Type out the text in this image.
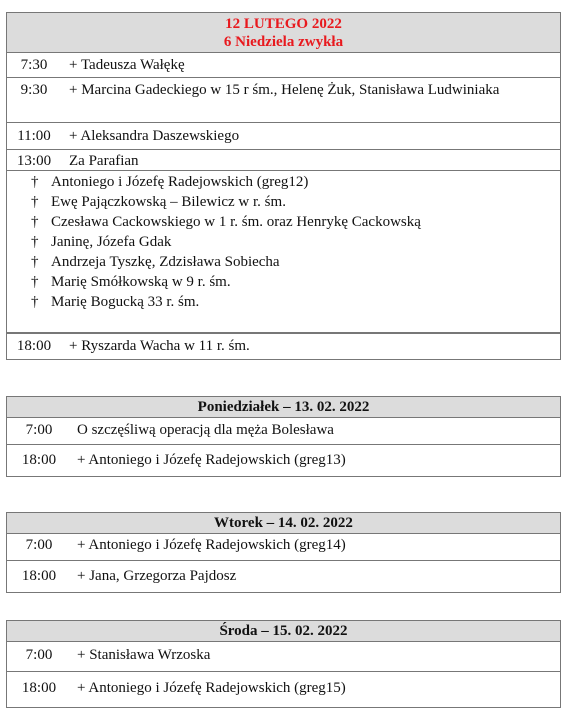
12 LUTEGO 2022
6 Niedziela zwykła
7:30	+ Tadeusza Wałękę
9:30	+ Marcina Gadeckiego w 15 r śm., Helenę Żuk, Stanisława Ludwiniaka
11:00	+ Aleksandra Daszewskiego
13:00	Za Parafian
† Antoniego i Józefę Radejowskich (greg12)
† Ewę Pajączkowską – Bilewicz w r. śm.
† Czesława Cackowskiego w 1 r. śm. oraz Henrykę Cackowską
† Janinę, Józefa Gdak
† Andrzeja Tyszkę, Zdzisława Sobiecha
† Marię Smółkowską w 9 r. śm.
† Marię Bogucką 33 r. śm.
18:00	+ Ryszarda Wacha w 11 r. śm.
Poniedziałek – 13. 02. 2022
7:00	O szczęśliwą operacją dla męża Bolesława
18:00	+ Antoniego i Józefę Radejowskich (greg13)
Wtorek – 14. 02. 2022
7:00	+ Antoniego i Józefę Radejowskich (greg14)
18:00	+ Jana, Grzegorza Pajdosz
Środa – 15. 02. 2022
7:00	+ Stanisława Wrzoska
18:00	+ Antoniego i Józefę Radejowskich (greg15)
